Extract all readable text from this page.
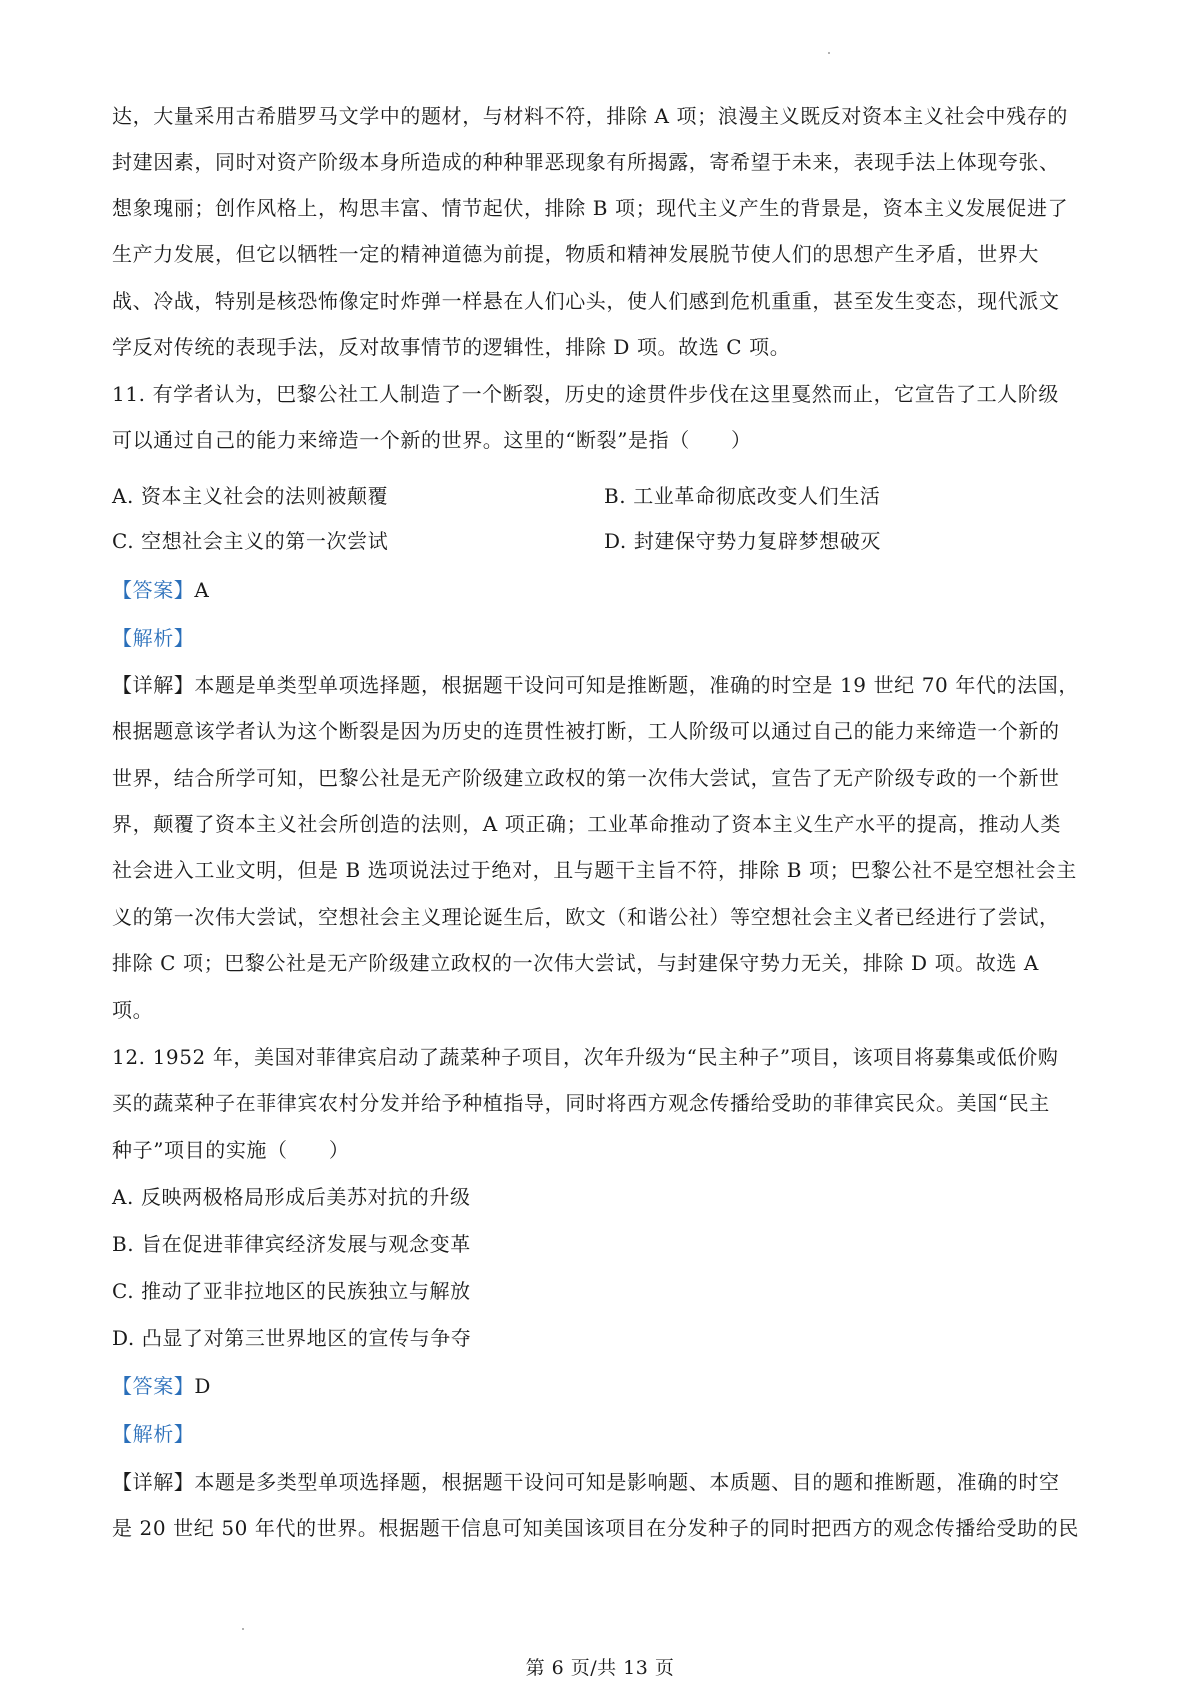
达，大量采用古希腊罗马文学中的题材，与材料不符，排除 A 项；浪漫主义既反对资本主义社会中残存的
封建因素，同时对资产阶级本身所造成的种种罪恶现象有所揭露，寄希望于未来，表现手法上体现夸张、
想象瑰丽；创作风格上，构思丰富、情节起伏，排除 B 项；现代主义产生的背景是，资本主义发展促进了
生产力发展，但它以牺牲一定的精神道德为前提，物质和精神发展脱节使人们的思想产生矛盾，世界大
战、冷战，特别是核恐怖像定时炸弹一样悬在人们心头，使人们感到危机重重，甚至发生变态，现代派文
学反对传统的表现手法，反对故事情节的逻辑性，排除 D 项。故选 C 项。
11. 有学者认为，巴黎公社工人制造了一个断裂，历史的途贯件步伐在这里戛然而止，它宣告了工人阶级
可以通过自己的能力来缔造一个新的世界。这里的“断裂”是指（　　）
A. 资本主义社会的法则被颠覆	B. 工业革命彻底改变人们生活
C. 空想社会主义的第一次尝试	D. 封建保守势力复辟梦想破灭
【答案】A
【解析】
【详解】本题是单类型单项选择题，根据题干设问可知是推断题，准确的时空是 19 世纪 70 年代的法国，
根据题意该学者认为这个断裂是因为历史的连贯性被打断，工人阶级可以通过自己的能力来缔造一个新的
世界，结合所学可知，巴黎公社是无产阶级建立政权的第一次伟大尝试，宣告了无产阶级专政的一个新世
界，颠覆了资本主义社会所创造的法则，A 项正确；工业革命推动了资本主义生产水平的提高，推动人类
社会进入工业文明，但是 B 选项说法过于绝对，且与题干主旨不符，排除 B 项；巴黎公社不是空想社会主
义的第一次伟大尝试，空想社会主义理论诞生后，欧文（和谐公社）等空想社会主义者已经进行了尝试，
排除 C 项；巴黎公社是无产阶级建立政权的一次伟大尝试，与封建保守势力无关，排除 D 项。故选 A
项。
12. 1952 年，美国对菲律宾启动了蔬菜种子项目，次年升级为“民主种子”项目，该项目将募集或低价购
买的蔬菜种子在菲律宾农村分发并给予种植指导，同时将西方观念传播给受助的菲律宾民众。美国“民主
种子”项目的实施（　　）
A. 反映两极格局形成后美苏对抗的升级
B. 旨在促进菲律宾经济发展与观念变革
C. 推动了亚非拉地区的民族独立与解放
D. 凸显了对第三世界地区的宣传与争夺
【答案】D
【解析】
【详解】本题是多类型单项选择题，根据题干设问可知是影响题、本质题、目的题和推断题，准确的时空
是 20 世纪 50 年代的世界。根据题干信息可知美国该项目在分发种子的同时把西方的观念传播给受助的民
第 6 页/共 13 页
